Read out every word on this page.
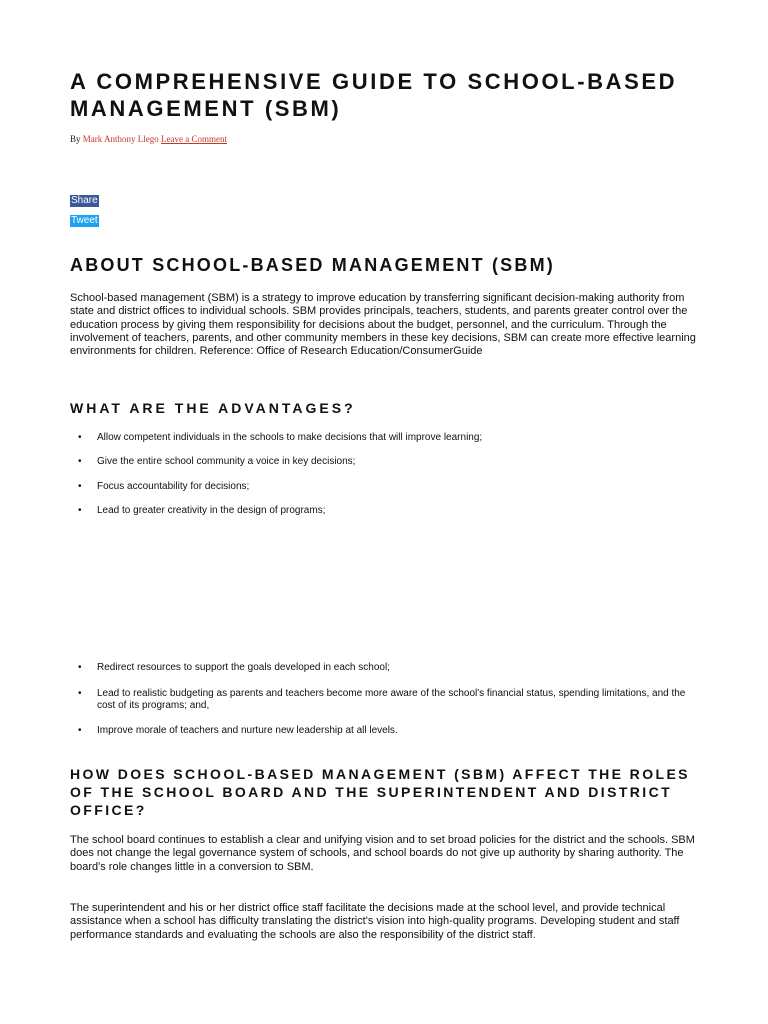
A COMPREHENSIVE GUIDE TO SCHOOL-BASED MANAGEMENT (SBM)
By Mark Anthony Llego Leave a Comment
Share
Tweet
ABOUT SCHOOL-BASED MANAGEMENT (SBM)

School-based management (SBM) is a strategy to improve education by transferring significant decision-making authority from state and district offices to individual schools. SBM provides principals, teachers, students, and parents greater control over the education process by giving them responsibility for decisions about the budget, personnel, and the curriculum. Through the involvement of teachers, parents, and other community members in these key decisions, SBM can create more effective learning environments for children. Reference: Office of Research Education/ConsumerGuide

WHAT ARE THE ADVANTAGES?
• Allow competent individuals in the schools to make decisions that will improve learning;
• Give the entire school community a voice in key decisions;
• Focus accountability for decisions;
• Lead to greater creativity in the design of programs;
• Redirect resources to support the goals developed in each school;
• Lead to realistic budgeting as parents and teachers become more aware of the school's financial status, spending limitations, and the cost of its programs; and,
• Improve morale of teachers and nurture new leadership at all levels.
HOW DOES SCHOOL-BASED MANAGEMENT (SBM) AFFECT THE ROLES OF THE SCHOOL BOARD AND THE SUPERINTENDENT AND DISTRICT OFFICE?

The school board continues to establish a clear and unifying vision and to set broad policies for the district and the schools. SBM does not change the legal governance system of schools, and school boards do not give up authority by sharing authority. The board's role changes little in a conversion to SBM.

The superintendent and his or her district office staff facilitate the decisions made at the school level, and provide technical assistance when a school has difficulty translating the district's vision into high-quality programs. Developing student and staff performance standards and evaluating the schools are also the responsibility of the district staff.
